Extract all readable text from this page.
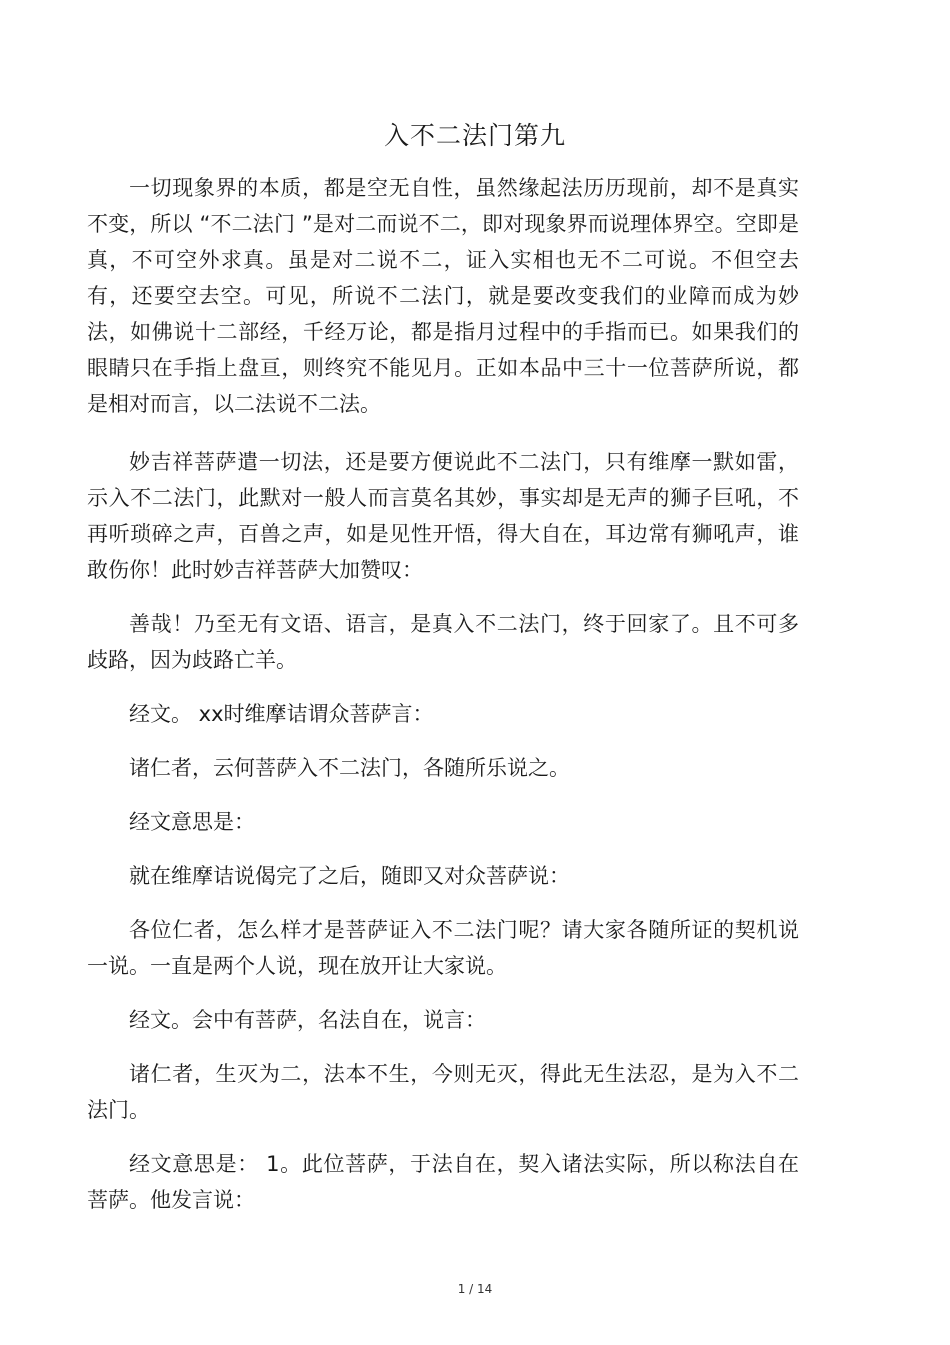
入不二法门第九

一切现象界的本质，都是空无自性，虽然缘起法历历现前，却不是真实不变，所以 “不二法门 ”是对二而说不二，即对现象界而说理体界空。空即是真，不可空外求真。虽是对二说不二，证入实相也无不二可说。不但空去有，还要空去空。可见，所说不二法门，就是要改变我们的业障而成为妙法，如佛说十二部经，千经万论，都是指月过程中的手指而已。如果我们的眼睛只在手指上盘亘，则终究不能见月。正如本品中三十一位菩萨所说，都是相对而言，以二法说不二法。

妙吉祥菩萨遣一切法，还是要方便说此不二法门，只有维摩一默如雷，示入不二法门，此默对一般人而言莫名其妙，事实却是无声的狮子巨吼，不再听琐碎之声，百兽之声，如是见性开悟，得大自在，耳边常有狮吼声，谁敢伤你！此时妙吉祥菩萨大加赞叹：

善哉！乃至无有文语、语言，是真入不二法门，终于回家了。且不可多歧路，因为歧路亡羊。

经文。 xx时维摩诘谓众菩萨言：

诸仁者，云何菩萨入不二法门，各随所乐说之。

经文意思是：

就在维摩诘说偈完了之后，随即又对众菩萨说：

各位仁者，怎么样才是菩萨证入不二法门呢？请大家各随所证的契机说一说。一直是两个人说，现在放开让大家说。

经文。会中有菩萨，名法自在，说言：

诸仁者，生灭为二，法本不生，今则无灭，得此无生法忍，是为入不二法门。

经文意思是： 1。此位菩萨，于法自在，契入诸法实际，所以称法自在菩萨。他发言说：

1 / 14
